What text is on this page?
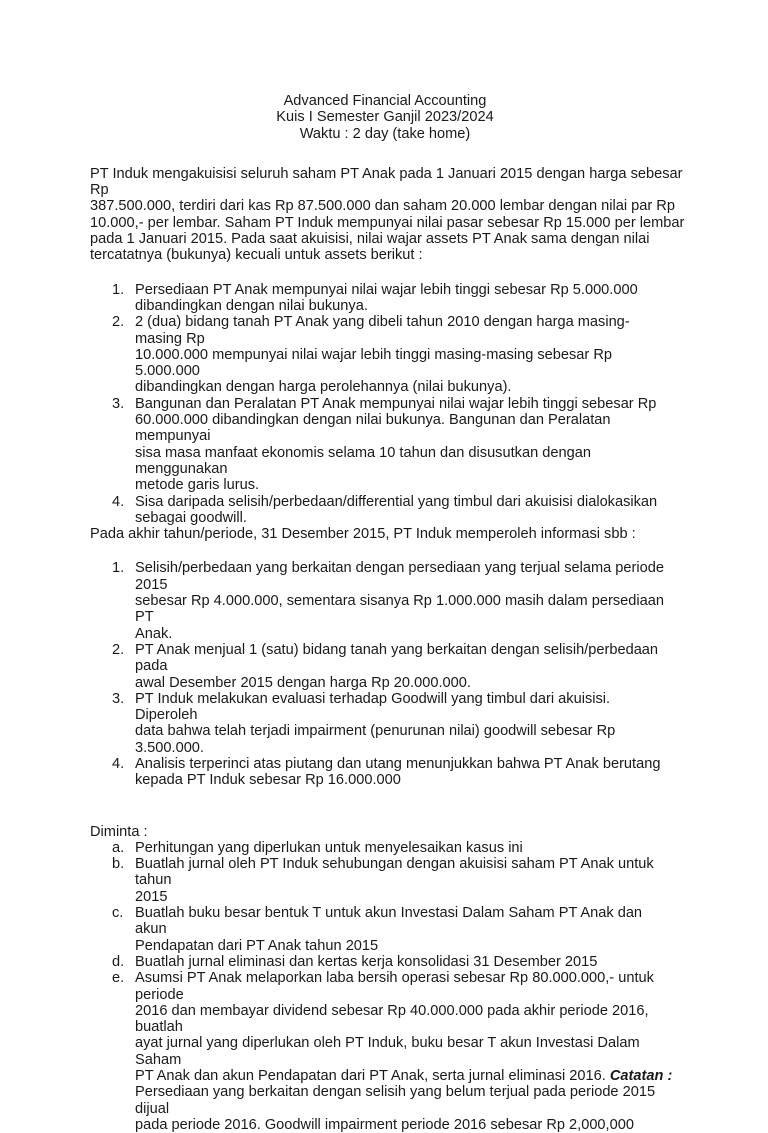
Advanced Financial Accounting
Kuis I Semester Ganjil 2023/2024
Waktu : 2 day (take home)
PT Induk mengakuisisi seluruh saham PT Anak pada 1 Januari 2015 dengan harga sebesar Rp
387.500.000, terdiri dari kas Rp 87.500.000 dan saham 20.000 lembar dengan nilai par Rp
10.000,- per lembar. Saham PT Induk mempunyai nilai pasar sebesar Rp 15.000 per lembar
pada 1 Januari 2015. Pada saat akuisisi, nilai wajar assets PT Anak sama dengan nilai
tercatatnya (bukunya) kecuali untuk assets berikut :
1. Persediaan PT Anak mempunyai nilai wajar lebih tinggi sebesar Rp 5.000.000
dibandingkan dengan nilai bukunya.
2. 2 (dua) bidang tanah PT Anak yang dibeli tahun 2010 dengan harga masing-masing Rp
10.000.000 mempunyai nilai wajar lebih tinggi masing-masing sebesar Rp 5.000.000
dibandingkan dengan harga perolehannya (nilai bukunya).
3. Bangunan dan Peralatan PT Anak mempunyai nilai wajar lebih tinggi sebesar Rp
60.000.000 dibandingkan dengan nilai bukunya. Bangunan dan Peralatan mempunyai
sisa masa manfaat ekonomis selama 10 tahun dan disusutkan dengan menggunakan
metode garis lurus.
4. Sisa daripada selisih/perbedaan/differential yang timbul dari akuisisi dialokasikan
sebagai goodwill.
Pada akhir tahun/periode, 31 Desember 2015, PT Induk memperoleh informasi sbb :
1. Selisih/perbedaan yang berkaitan dengan persediaan yang terjual selama periode 2015
sebesar Rp 4.000.000, sementara sisanya Rp 1.000.000 masih dalam persediaan PT
Anak.
2. PT Anak menjual 1 (satu) bidang tanah yang berkaitan dengan selisih/perbedaan pada
awal Desember 2015 dengan harga Rp 20.000.000.
3. PT Induk melakukan evaluasi terhadap Goodwill yang timbul dari akuisisi. Diperoleh
data bahwa telah terjadi impairment (penurunan nilai) goodwill sebesar Rp 3.500.000.
4. Analisis terperinci atas piutang dan utang menunjukkan bahwa PT Anak berutang
kepada PT Induk sebesar Rp 16.000.000
Diminta :
a. Perhitungan yang diperlukan untuk menyelesaikan kasus ini
b. Buatlah jurnal oleh PT Induk sehubungan dengan akuisisi saham PT Anak untuk tahun
2015
c. Buatlah buku besar bentuk T untuk akun Investasi Dalam Saham PT Anak dan akun
Pendapatan dari PT Anak tahun 2015
d. Buatlah jurnal eliminasi dan kertas kerja konsolidasi 31 Desember 2015
e. Asumsi PT Anak melaporkan laba bersih operasi sebesar Rp 80.000.000,- untuk periode
2016 dan membayar dividend sebesar Rp 40.000.000 pada akhir periode 2016, buatlah
ayat jurnal yang diperlukan oleh PT Induk, buku besar T akun Investasi Dalam Saham
PT Anak dan akun Pendapatan dari PT Anak, serta jurnal eliminasi 2016. Catatan :
Persediaan yang berkaitan dengan selisih yang belum terjual pada periode 2015 dijual
pada periode 2016. Goodwill impairment periode 2016 sebesar Rp 2,000,000
